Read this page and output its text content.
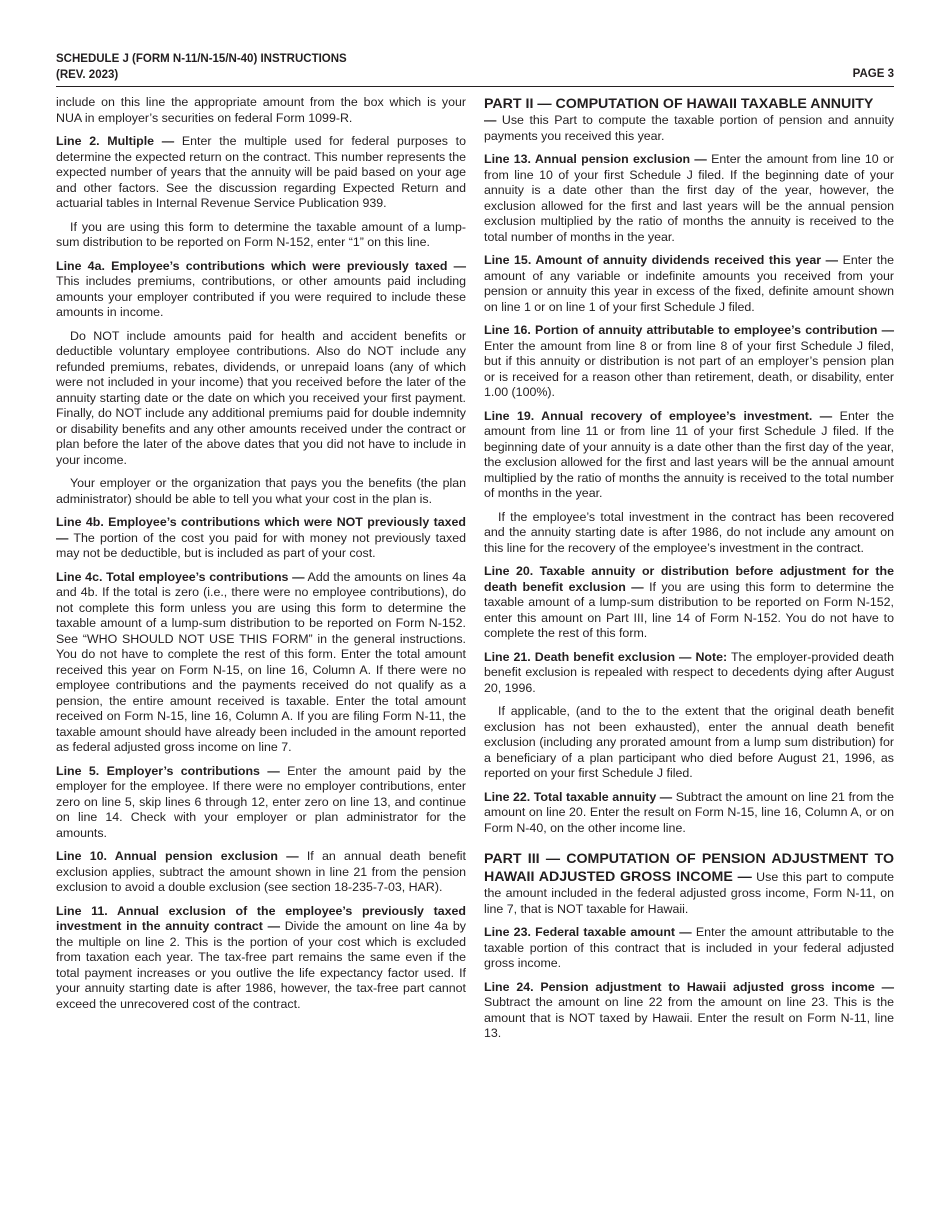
SCHEDULE J (FORM N-11/N-15/N-40) INSTRUCTIONS
(REV. 2023)	PAGE 3

include on this line the appropriate amount from the box which is your NUA in employer’s securities on federal Form 1099-R.

Line 2. Multiple — Enter the multiple used for federal purposes to determine the expected return on the contract. This number represents the expected number of years that the annuity will be paid based on your age and other factors. See the discussion regarding Expected Return and actuarial tables in Internal Revenue Service Publication 939.

If you are using this form to determine the taxable amount of a lump-sum distribution to be reported on Form N-152, enter “1” on this line.

Line 4a. Employee’s contributions which were previously taxed — This includes premiums, contributions, or other amounts paid including amounts your employer contributed if you were required to include these amounts in income.

Do NOT include amounts paid for health and accident benefits or deductible voluntary employee contributions. Also do NOT include any refunded premiums, rebates, dividends, or unrepaid loans (any of which were not included in your income) that you received before the later of the annuity starting date or the date on which you received your first payment. Finally, do NOT include any additional premiums paid for double indemnity or disability benefits and any other amounts received under the contract or plan before the later of the above dates that you did not have to include in your income.

Your employer or the organization that pays you the benefits (the plan administrator) should be able to tell you what your cost in the plan is.

Line 4b. Employee’s contributions which were NOT previously taxed — The portion of the cost you paid for with money not previously taxed may not be deductible, but is included as part of your cost.

Line 4c. Total employee’s contributions — Add the amounts on lines 4a and 4b. If the total is zero (i.e., there were no employee contributions), do not complete this form unless you are using this form to determine the taxable amount of a lump-sum distribution to be reported on Form N-152. See “WHO SHOULD NOT USE THIS FORM” in the general instructions. You do not have to complete the rest of this form. Enter the total amount received this year on Form N-15, on line 16, Column A. If there were no employee contributions and the payments received do not qualify as a pension, the entire amount received is taxable. Enter the total amount received on Form N-15, line 16, Column A. If you are filing Form N-11, the taxable amount should have already been included in the amount reported as federal adjusted gross income on line 7.

Line 5. Employer’s contributions — Enter the amount paid by the employer for the employee. If there were no employer contributions, enter zero on line 5, skip lines 6 through 12, enter zero on line 13, and continue on line 14. Check with your employer or plan administrator for the amounts.

Line 10. Annual pension exclusion — If an annual death benefit exclusion applies, subtract the amount shown in line 21 from the pension exclusion to avoid a double exclusion (see section 18-235-7-03, HAR).

Line 11. Annual exclusion of the employee’s previously taxed investment in the annuity contract — Divide the amount on line 4a by the multiple on line 2. This is the portion of your cost which is excluded from taxation each year. The tax-free part remains the same even if the total payment increases or you outlive the life expectancy factor used. If your annuity starting date is after 1986, however, the tax-free part cannot exceed the unrecovered cost of the contract.

PART II — COMPUTATION OF HAWAII TAXABLE ANNUITY

— Use this Part to compute the taxable portion of pension and annuity payments you received this year.

Line 13. Annual pension exclusion — Enter the amount from line 10 or from line 10 of your first Schedule J filed. If the beginning date of your annuity is a date other than the first day of the year, however, the exclusion allowed for the first and last years will be the annual pension exclusion multiplied by the ratio of months the annuity is received to the total number of months in the year.

Line 15. Amount of annuity dividends received this year — Enter the amount of any variable or indefinite amounts you received from your pension or annuity this year in excess of the fixed, definite amount shown on line 1 or on line 1 of your first Schedule J filed.

Line 16. Portion of annuity attributable to employee’s contribution — Enter the amount from line 8 or from line 8 of your first Schedule J filed, but if this annuity or distribution is not part of an employer’s pension plan or is received for a reason other than retirement, death, or disability, enter 1.00 (100%).

Line 19. Annual recovery of employee’s investment. — Enter the amount from line 11 or from line 11 of your first Schedule J filed. If the beginning date of your annuity is a date other than the first day of the year, the exclusion allowed for the first and last years will be the annual amount multiplied by the ratio of months the annuity is received to the total number of months in the year.

If the employee’s total investment in the contract has been recovered and the annuity starting date is after 1986, do not include any amount on this line for the recovery of the employee’s investment in the contract.

Line 20. Taxable annuity or distribution before adjustment for the death benefit exclusion — If you are using this form to determine the taxable amount of a lump-sum distribution to be reported on Form N-152, enter this amount on Part III, line 14 of Form N-152. You do not have to complete the rest of this form.

Line 21. Death benefit exclusion — Note: The employer-provided death benefit exclusion is repealed with respect to decedents dying after August 20, 1996.

If applicable, (and to the to the extent that the original death benefit exclusion has not been exhausted), enter the annual death benefit exclusion (including any prorated amount from a lump sum distribution) for a beneficiary of a plan participant who died before August 21, 1996, as reported on your first Schedule J filed.

Line 22. Total taxable annuity — Subtract the amount on line 21 from the amount on line 20. Enter the result on Form N-15, line 16, Column A, or on Form N-40, on the other income line.

PART III — COMPUTATION OF PENSION ADJUSTMENT TO HAWAII ADJUSTED GROSS INCOME — Use this part to compute the amount included in the federal adjusted gross income, Form N-11, on line 7, that is NOT taxable for Hawaii.

Line 23. Federal taxable amount — Enter the amount attributable to the taxable portion of this contract that is included in your federal adjusted gross income.

Line 24. Pension adjustment to Hawaii adjusted gross income — Subtract the amount on line 22 from the amount on line 23. This is the amount that is NOT taxed by Hawaii. Enter the result on Form N-11, line 13.
